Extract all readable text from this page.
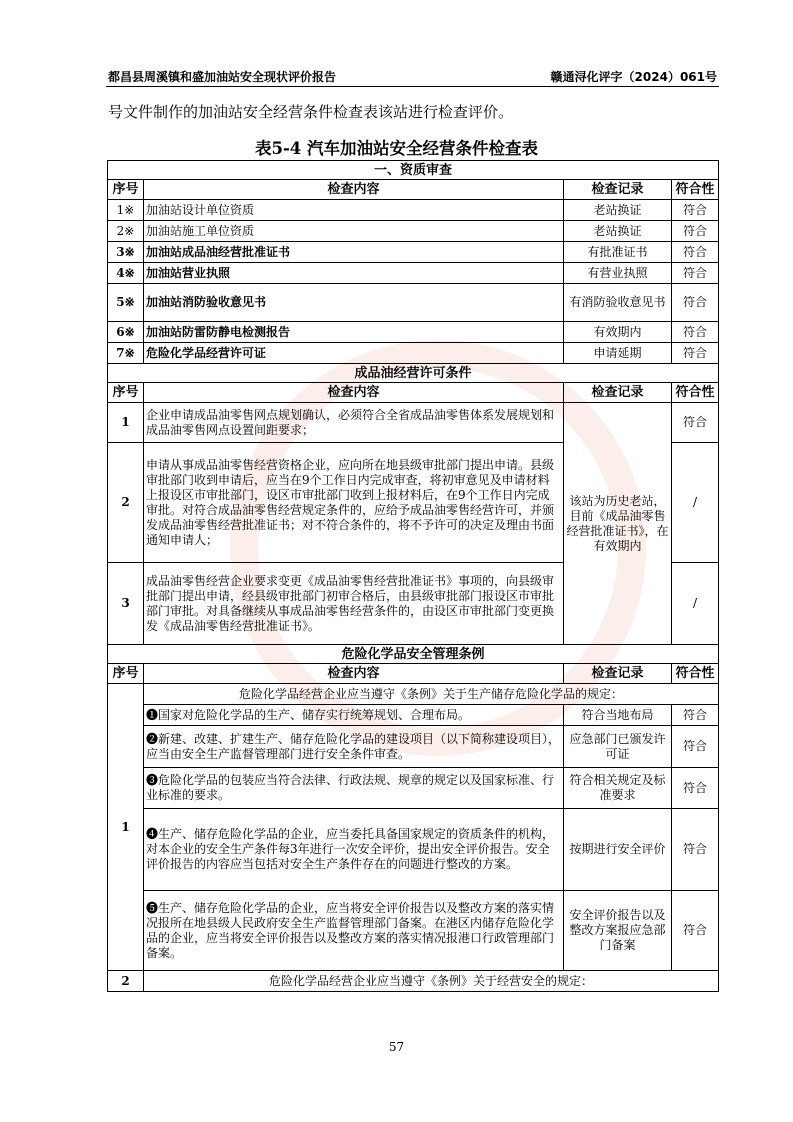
都昌县周溪镇和盛加油站安全现状评价报告	赣通浔化评字（2024）061号
号文件制作的加油站安全经营条件检查表该站进行检查评价。
表5-4 汽车加油站安全经营条件检查表
一、资质审查			
序号	检查内容	检查记录	符合性
1※	加油站设计单位资质	老站换证	符合
2※	加油站施工单位资质	老站换证	符合
3※	加油站成品油经营批准证书	有批准证书	符合
4※	加油站营业执照	有营业执照	符合
5※	加油站消防验收意见书	有消防验收意见书	符合
6※	加油站防雷防静电检测报告	有效期内	符合
7※	危险化学品经营许可证	申请延期	符合
成品油经营许可条件			
序号	检查内容	检查记录	符合性
1	企业申请成品油零售网点规划确认，必须符合全省成品油零售体系发展规划和成品油零售网点设置间距要求；	该站为历史老站，目前《成品油零售经营批准证书》，在有效期内	符合
2	申请从事成品油零售经营资格企业，应向所在地县级审批部门提出申请。县级审批部门收到申请后，应当在9个工作日内完成审查，将初审意见及申请材料上报设区市审批部门，设区市审批部门收到上报材料后，在9个工作日内完成审批。对符合成品油零售经营规定条件的，应给予成品油零售经营许可，并颁发成品油零售经营批准证书；对不符合条件的，将不予许可的决定及理由书面通知申请人；		/
3	成品油零售经营企业要求变更《成品油零售经营批准证书》事项的，向县级审批部门提出申请，经县级审批部门初审合格后，由县级审批部门报设区市审批部门审批。对具备继续从事成品油零售经营条件的，由设区市审批部门变更换发《成品油零售经营批准证书》。		/
危险化学品安全管理条例			
序号	检查内容	检查记录	符合性
1	危险化学品经营企业应当遵守《条例》关于生产储存危险化学品的规定：		
	❶国家对危险化学品的生产、储存实行统筹规划、合理布局。	符合当地布局	符合
	❷新建、改建、扩建生产、储存危险化学品的建设项目（以下简称建设项目），应当由安全生产监督管理部门进行安全条件审查。	应急部门已颁发许可证	符合
	❸危险化学品的包装应当符合法律、行政法规、规章的规定以及国家标准、行业标准的要求。	符合相关规定及标准要求	符合
	❹生产、储存危险化学品的企业，应当委托具备国家规定的资质条件的机构，对本企业的安全生产条件每3年进行一次安全评价，提出安全评价报告。安全评价报告的内容应当包括对安全生产条件存在的问题进行整改的方案。	按期进行安全评价	符合
	❺生产、储存危险化学品的企业，应当将安全评价报告以及整改方案的落实情况报所在地县级人民政府安全生产监督管理部门备案。在港区内储存危险化学品的企业，应当将安全评价报告以及整改方案的落实情况报港口行政管理部门备案。	安全评价报告以及整改方案报应急部门备案	符合
2	危险化学品经营企业应当遵守《条例》关于经营安全的规定：		
57
